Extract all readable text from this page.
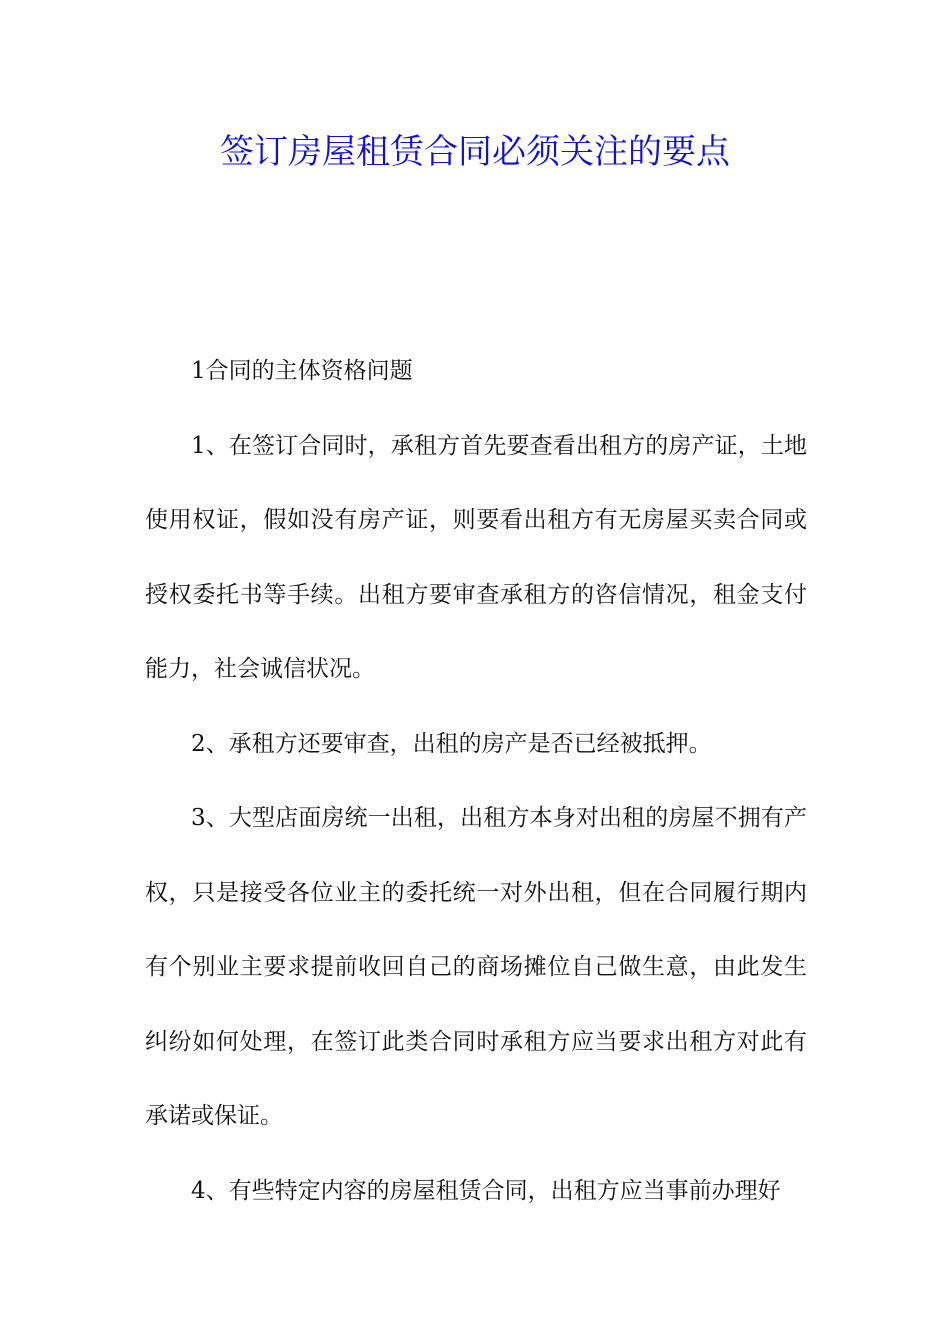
签订房屋租赁合同必须关注的要点

1合同的主体资格问题

1、在签订合同时，承租方首先要查看出租方的房产证，土地使用权证，假如没有房产证，则要看出租方有无房屋买卖合同或授权委托书等手续。出租方要审查承租方的咨信情况，租金支付能力，社会诚信状况。

2、承租方还要审查，出租的房产是否已经被抵押。

3、大型店面房统一出租，出租方本身对出租的房屋不拥有产权，只是接受各位业主的委托统一对外出租，但在合同履行期内有个别业主要求提前收回自己的商场摊位自己做生意，由此发生纠纷如何处理，在签订此类合同时承租方应当要求出租方对此有承诺或保证。

4、有些特定内容的房屋租赁合同，出租方应当事前办理好
